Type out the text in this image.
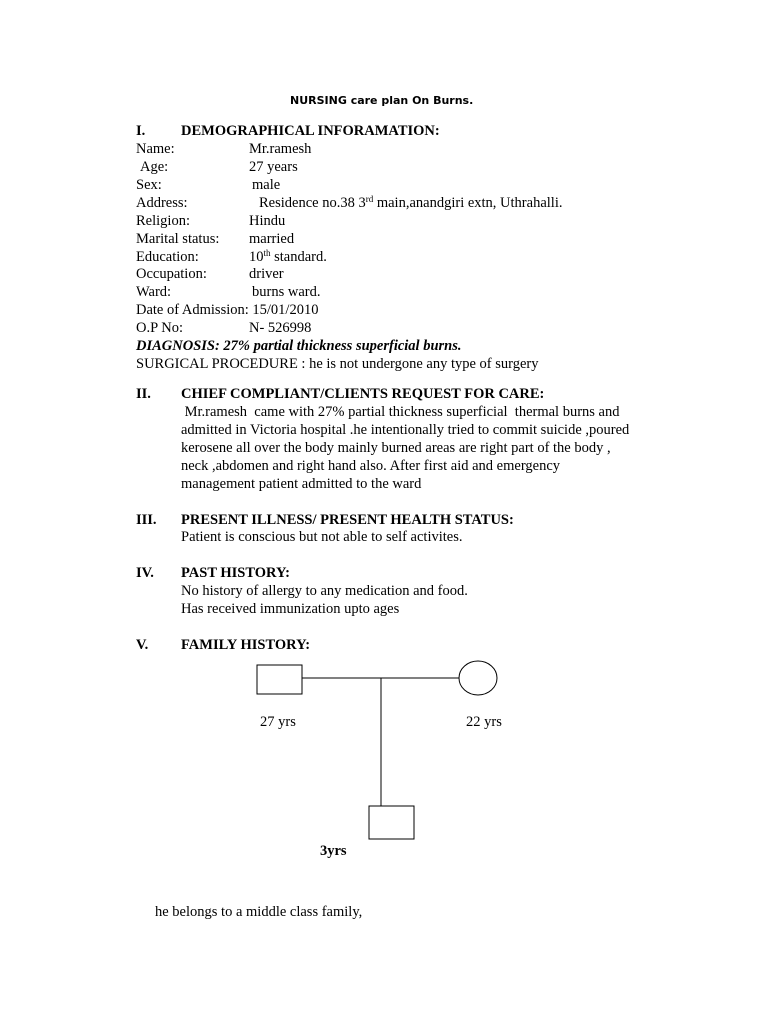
NURSING care plan On Burns.
I. DEMOGRAPHICAL INFORAMATION:
Name:	Mr.ramesh
Age:	27 years
Sex:	male
Address:	Residence no.38 3rd main,anandgiri extn, Uthrahalli.
Religion:	Hindu
Marital status: married
Education:	10th standard.
Occupation:	driver
Ward:	burns ward.
Date of Admission: 15/01/2010
O.P No:	N- 526998
DIAGNOSIS: 27% partial thickness superficial burns.
SURGICAL PROCEDURE : he is not undergone any type of surgery
II. CHIEF COMPLIANT/CLIENTS REQUEST FOR CARE:
Mr.ramesh  came with 27% partial thickness superficial  thermal burns and
admitted in Victoria hospital .he intentionally tried to commit suicide ,poured
kerosene all over the body mainly burned areas are right part of the body ,
neck ,abdomen and right hand also. After first aid and emergency
management patient admitted to the ward
III. PRESENT ILLNESS/ PRESENT HEALTH STATUS:
Patient is conscious but not able to self activites.
IV. PAST HISTORY:
No history of allergy to any medication and food.
Has received immunization upto ages
V. FAMILY HISTORY:
27 yrs	22 yrs
3yrs
he belongs to a middle class family,
